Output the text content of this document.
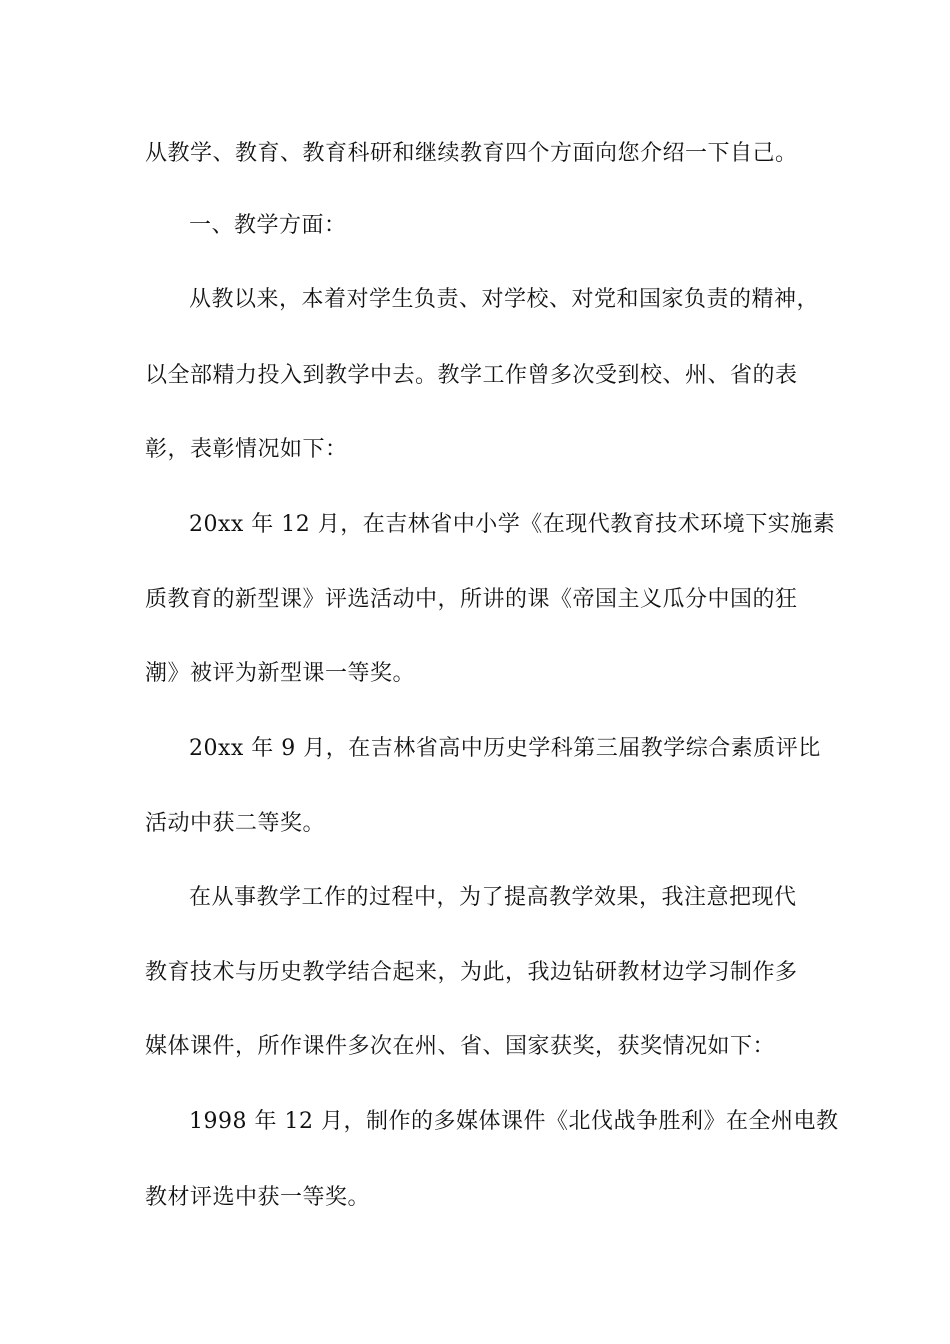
从教学、教育、教育科研和继续教育四个方面向您介绍一下自己。
一、教学方面：
从教以来，本着对学生负责、对学校、对党和国家负责的精神，
以全部精力投入到教学中去。教学工作曾多次受到校、州、省的表
彰，表彰情况如下：
20xx 年 12 月，在吉林省中小学《在现代教育技术环境下实施素
质教育的新型课》评选活动中，所讲的课《帝国主义瓜分中国的狂
潮》被评为新型课一等奖。
20xx 年 9 月，在吉林省高中历史学科第三届教学综合素质评比
活动中获二等奖。
在从事教学工作的过程中，为了提高教学效果，我注意把现代
教育技术与历史教学结合起来，为此，我边钻研教材边学习制作多
媒体课件，所作课件多次在州、省、国家获奖，获奖情况如下：
1998 年 12 月，制作的多媒体课件《北伐战争胜利》在全州电教
教材评选中获一等奖。
